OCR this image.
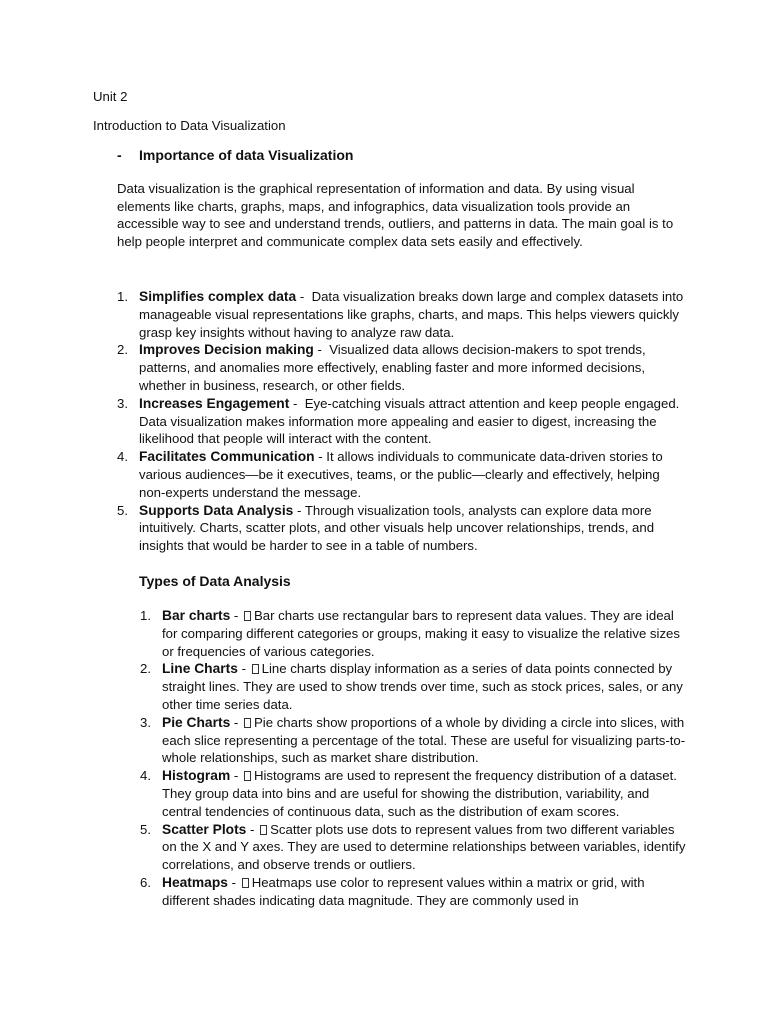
Unit 2
Introduction to Data Visualization
- Importance of data Visualization
Data visualization is the graphical representation of information and data. By using visual elements like charts, graphs, maps, and infographics, data visualization tools provide an accessible way to see and understand trends, outliers, and patterns in data. The main goal is to help people interpret and communicate complex data sets easily and effectively.
1. Simplifies complex data -  Data visualization breaks down large and complex datasets into manageable visual representations like graphs, charts, and maps. This helps viewers quickly grasp key insights without having to analyze raw data.
2. Improves Decision making -  Visualized data allows decision-makers to spot trends, patterns, and anomalies more effectively, enabling faster and more informed decisions, whether in business, research, or other fields.
3. Increases Engagement -  Eye-catching visuals attract attention and keep people engaged. Data visualization makes information more appealing and easier to digest, increasing the likelihood that people will interact with the content.
4. Facilitates Communication - It allows individuals to communicate data-driven stories to various audiences—be it executives, teams, or the public—clearly and effectively, helping non-experts understand the message.
5. Supports Data Analysis - Through visualization tools, analysts can explore data more intuitively. Charts, scatter plots, and other visuals help uncover relationships, trends, and insights that would be harder to see in a table of numbers.
Types of Data Analysis
1. Bar charts - Bar charts use rectangular bars to represent data values. They are ideal for comparing different categories or groups, making it easy to visualize the relative sizes or frequencies of various categories.
2. Line Charts - Line charts display information as a series of data points connected by straight lines. They are used to show trends over time, such as stock prices, sales, or any other time series data.
3. Pie Charts - Pie charts show proportions of a whole by dividing a circle into slices, with each slice representing a percentage of the total. These are useful for visualizing parts-to-whole relationships, such as market share distribution.
4. Histogram - Histograms are used to represent the frequency distribution of a dataset. They group data into bins and are useful for showing the distribution, variability, and central tendencies of continuous data, such as the distribution of exam scores.
5. Scatter Plots - Scatter plots use dots to represent values from two different variables on the X and Y axes. They are used to determine relationships between variables, identify correlations, and observe trends or outliers.
6. Heatmaps - Heatmaps use color to represent values within a matrix or grid, with different shades indicating data magnitude. They are commonly used in
